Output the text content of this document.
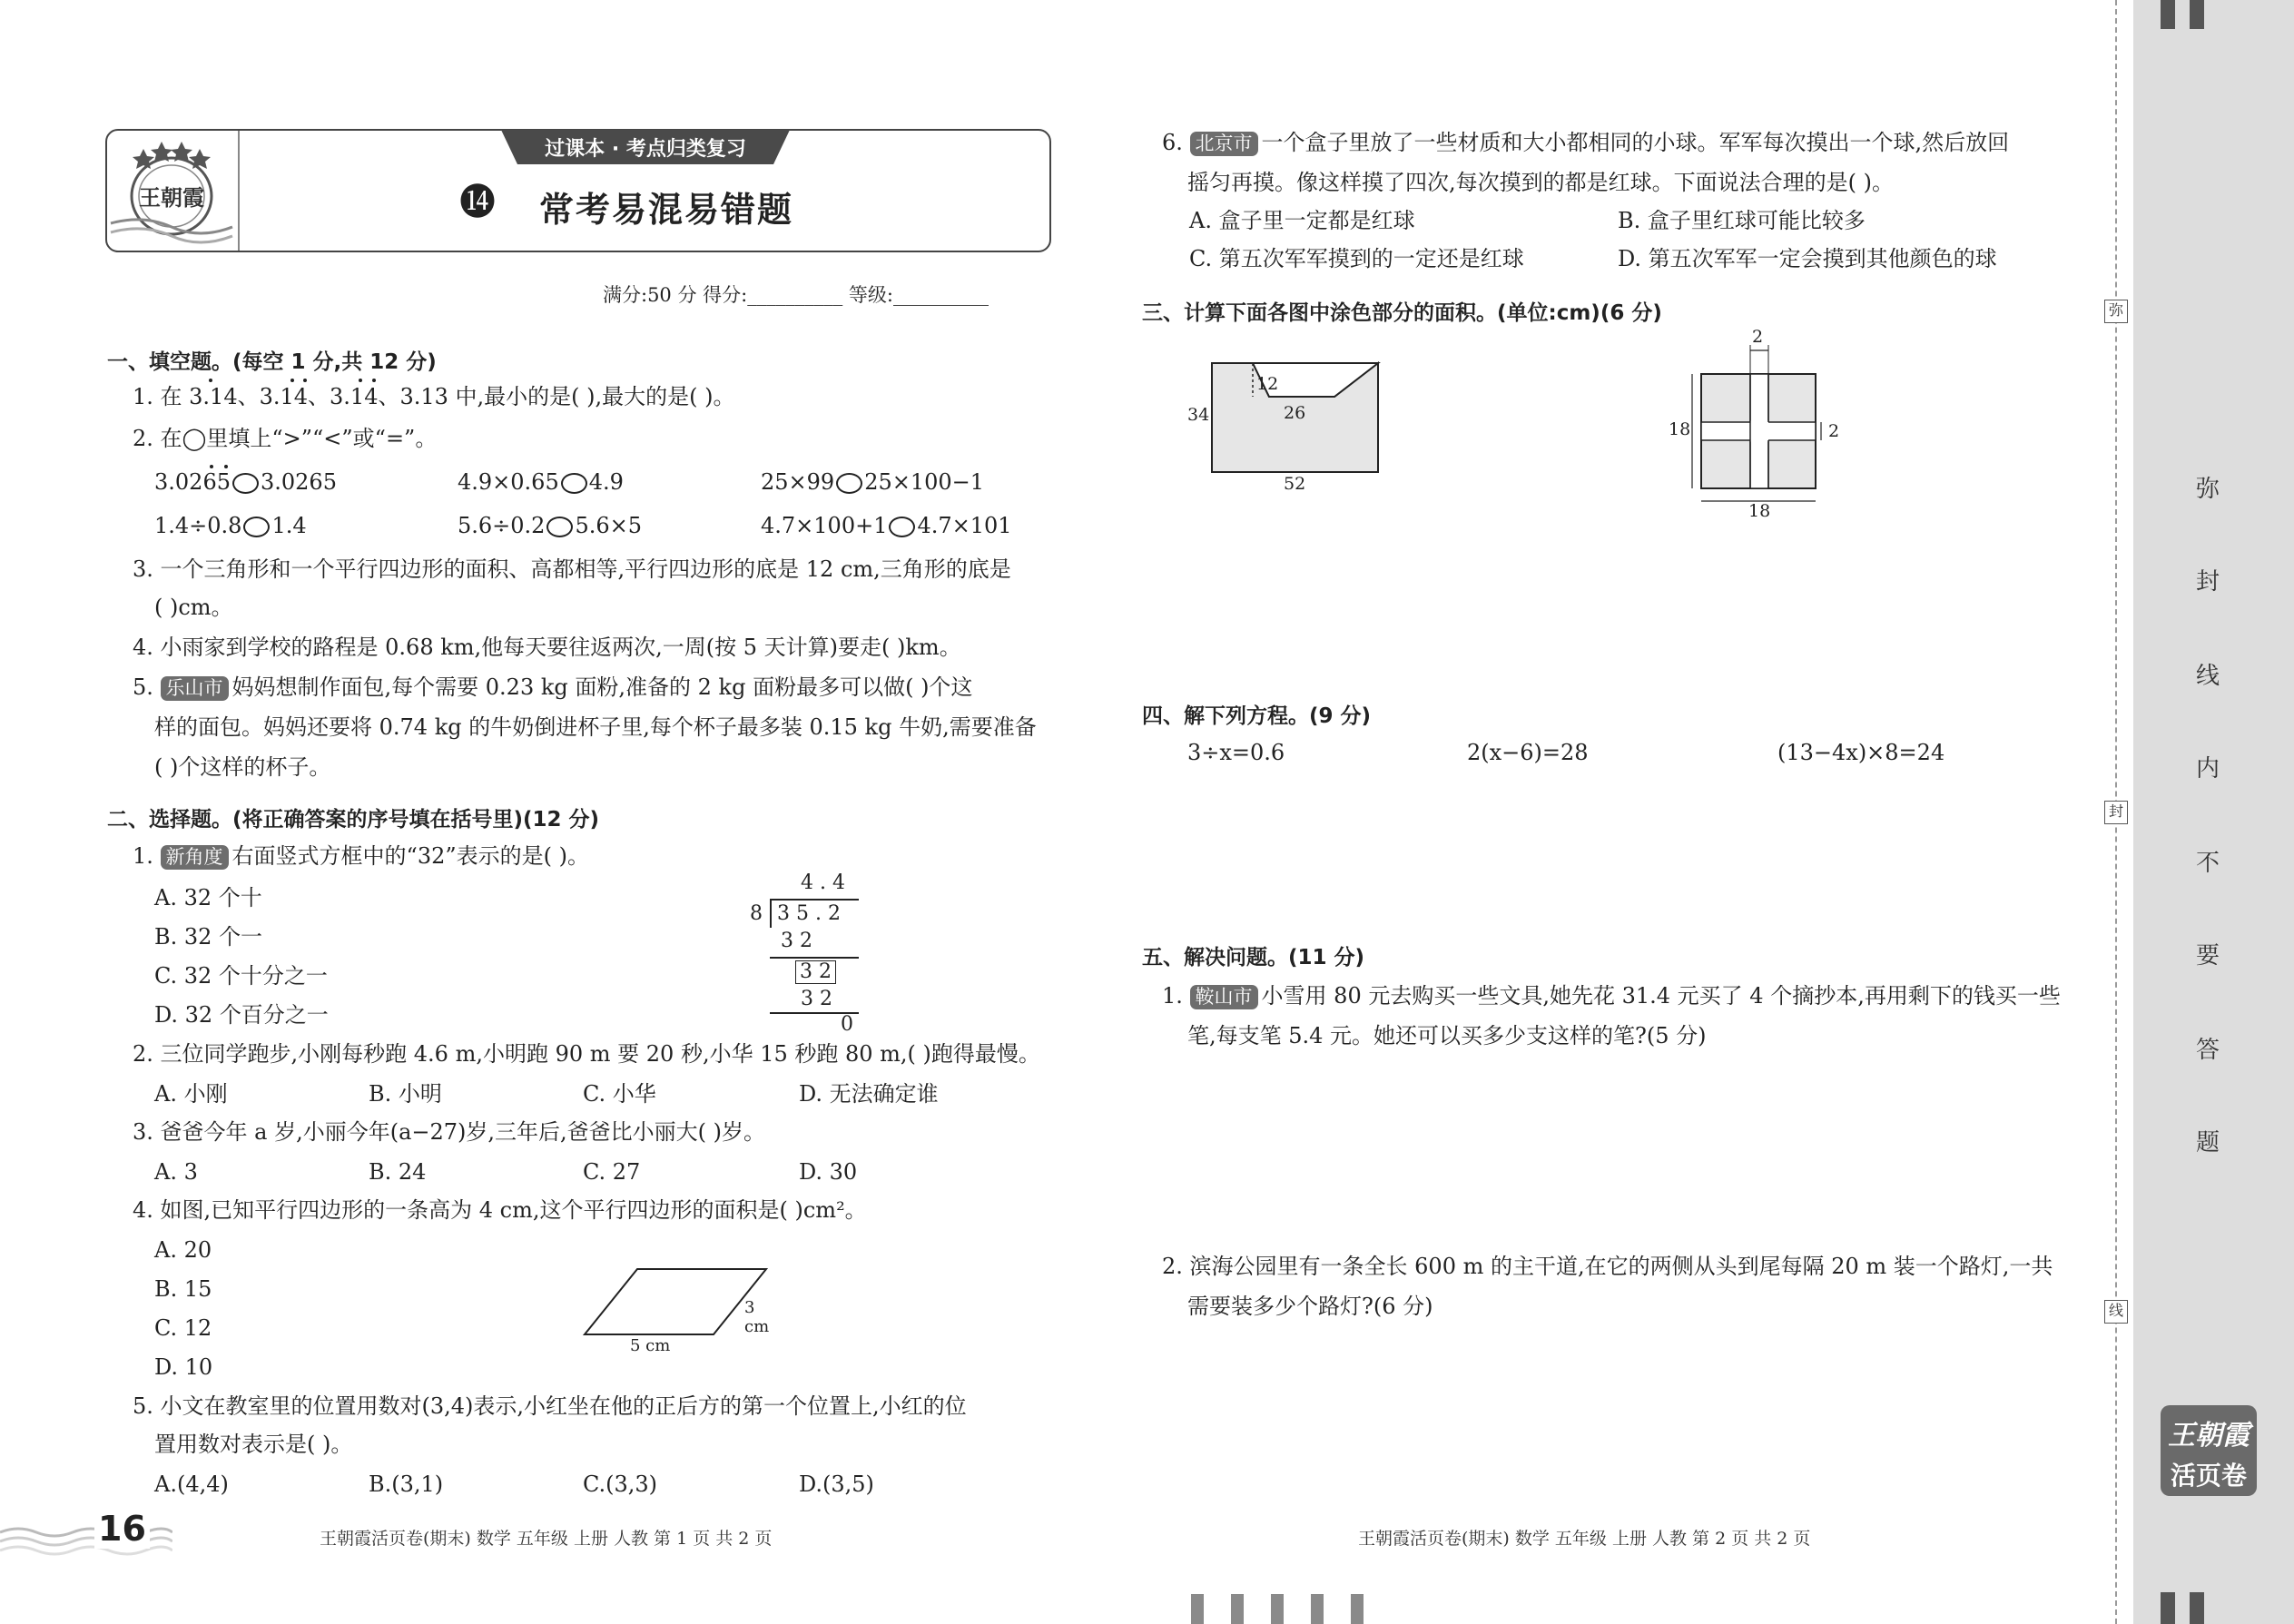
王朝霞
过课本 · 考点归类复习
⓮ 常考易混易错题
满分:50 分 得分:__________ 等级:__________
一、填空题。(每空 1 分,共 12 分)
1. 在 3.14、3.14、3.14、3.13 中,最小的是( ),最大的是( )。
2. 在◯里填上“>”“<”或“=”。
3.0265 3.0265	4.9×0.65 4.9	25×99 25×100−1
1.4÷0.8 1.4	5.6÷0.2 5.6×5	4.7×100+1 4.7×101
3. 一个三角形和一个平行四边形的面积、高都相等,平行四边形的底是 12 cm,三角形的底是
( )cm。
4. 小雨家到学校的路程是 0.68 km,他每天要往返两次,一周(按 5 天计算)要走( )km。
5. 乐山市 妈妈想制作面包,每个需要 0.23 kg 面粉,准备的 2 kg 面粉最多可以做( )个这
样的面包。妈妈还要将 0.74 kg 的牛奶倒进杯子里,每个杯子最多装 0.15 kg 牛奶,需要准备
( )个这样的杯子。
二、选择题。(将正确答案的序号填在括号里)(12 分)
1. 新角度 右面竖式方框中的“32”表示的是( )。
A. 32 个十
B. 32 个一
C. 32 个十分之一
D. 32 个百分之一
4 . 4
8 3 5 . 2
3 2
3 2
3 2
0
2. 三位同学跑步,小刚每秒跑 4.6 m,小明跑 90 m 要 20 秒,小华 15 秒跑 80 m,( )跑得最慢。
A. 小刚	B. 小明	C. 小华	D. 无法确定谁
3. 爸爸今年 a 岁,小丽今年(a−27)岁,三年后,爸爸比小丽大( )岁。
A. 3	B. 24	C. 27	D. 30
4. 如图,已知平行四边形的一条高为 4 cm,这个平行四边形的面积是( )cm²。
A. 20
B. 15
C. 12
D. 10
3 cm
5 cm
5. 小文在教室里的位置用数对(3,4)表示,小红坐在他的正后方的第一个位置上,小红的位
置用数对表示是( )。
A.(4,4)	B.(3,1)	C.(3,3)	D.(3,5)
6. 北京市 一个盒子里放了一些材质和大小都相同的小球。军军每次摸出一个球,然后放回
摇匀再摸。像这样摸了四次,每次摸到的都是红球。下面说法合理的是( )。
A. 盒子里一定都是红球	B. 盒子里红球可能比较多
C. 第五次军军摸到的一定还是红球	D. 第五次军军一定会摸到其他颜色的球
三、计算下面各图中涂色部分的面积。(单位:cm)(6 分)
12
34	26
52
2
18	2
18
四、解下列方程。(9 分)
3÷x=0.6	2(x−6)=28	(13−4x)×8=24
五、解决问题。(11 分)
1. 鞍山市 小雪用 80 元去购买一些文具,她先花 31.4 元买了 4 个摘抄本,再用剩下的钱买一些
笔,每支笔 5.4 元。她还可以买多少支这样的笔?(5 分)
2. 滨海公园里有一条全长 600 m 的主干道,在它的两侧从头到尾每隔 20 m 装一个路灯,一共
需要装多少个路灯?(6 分)
16	王朝霞活页卷(期末) 数学 五年级 上册 人教 第 1 页 共 2 页	王朝霞活页卷(期末) 数学 五年级 上册 人教 第 2 页 共 2 页
弥
封
线
弥
封
线
内
不
要
答
题
王朝霞
活页卷
